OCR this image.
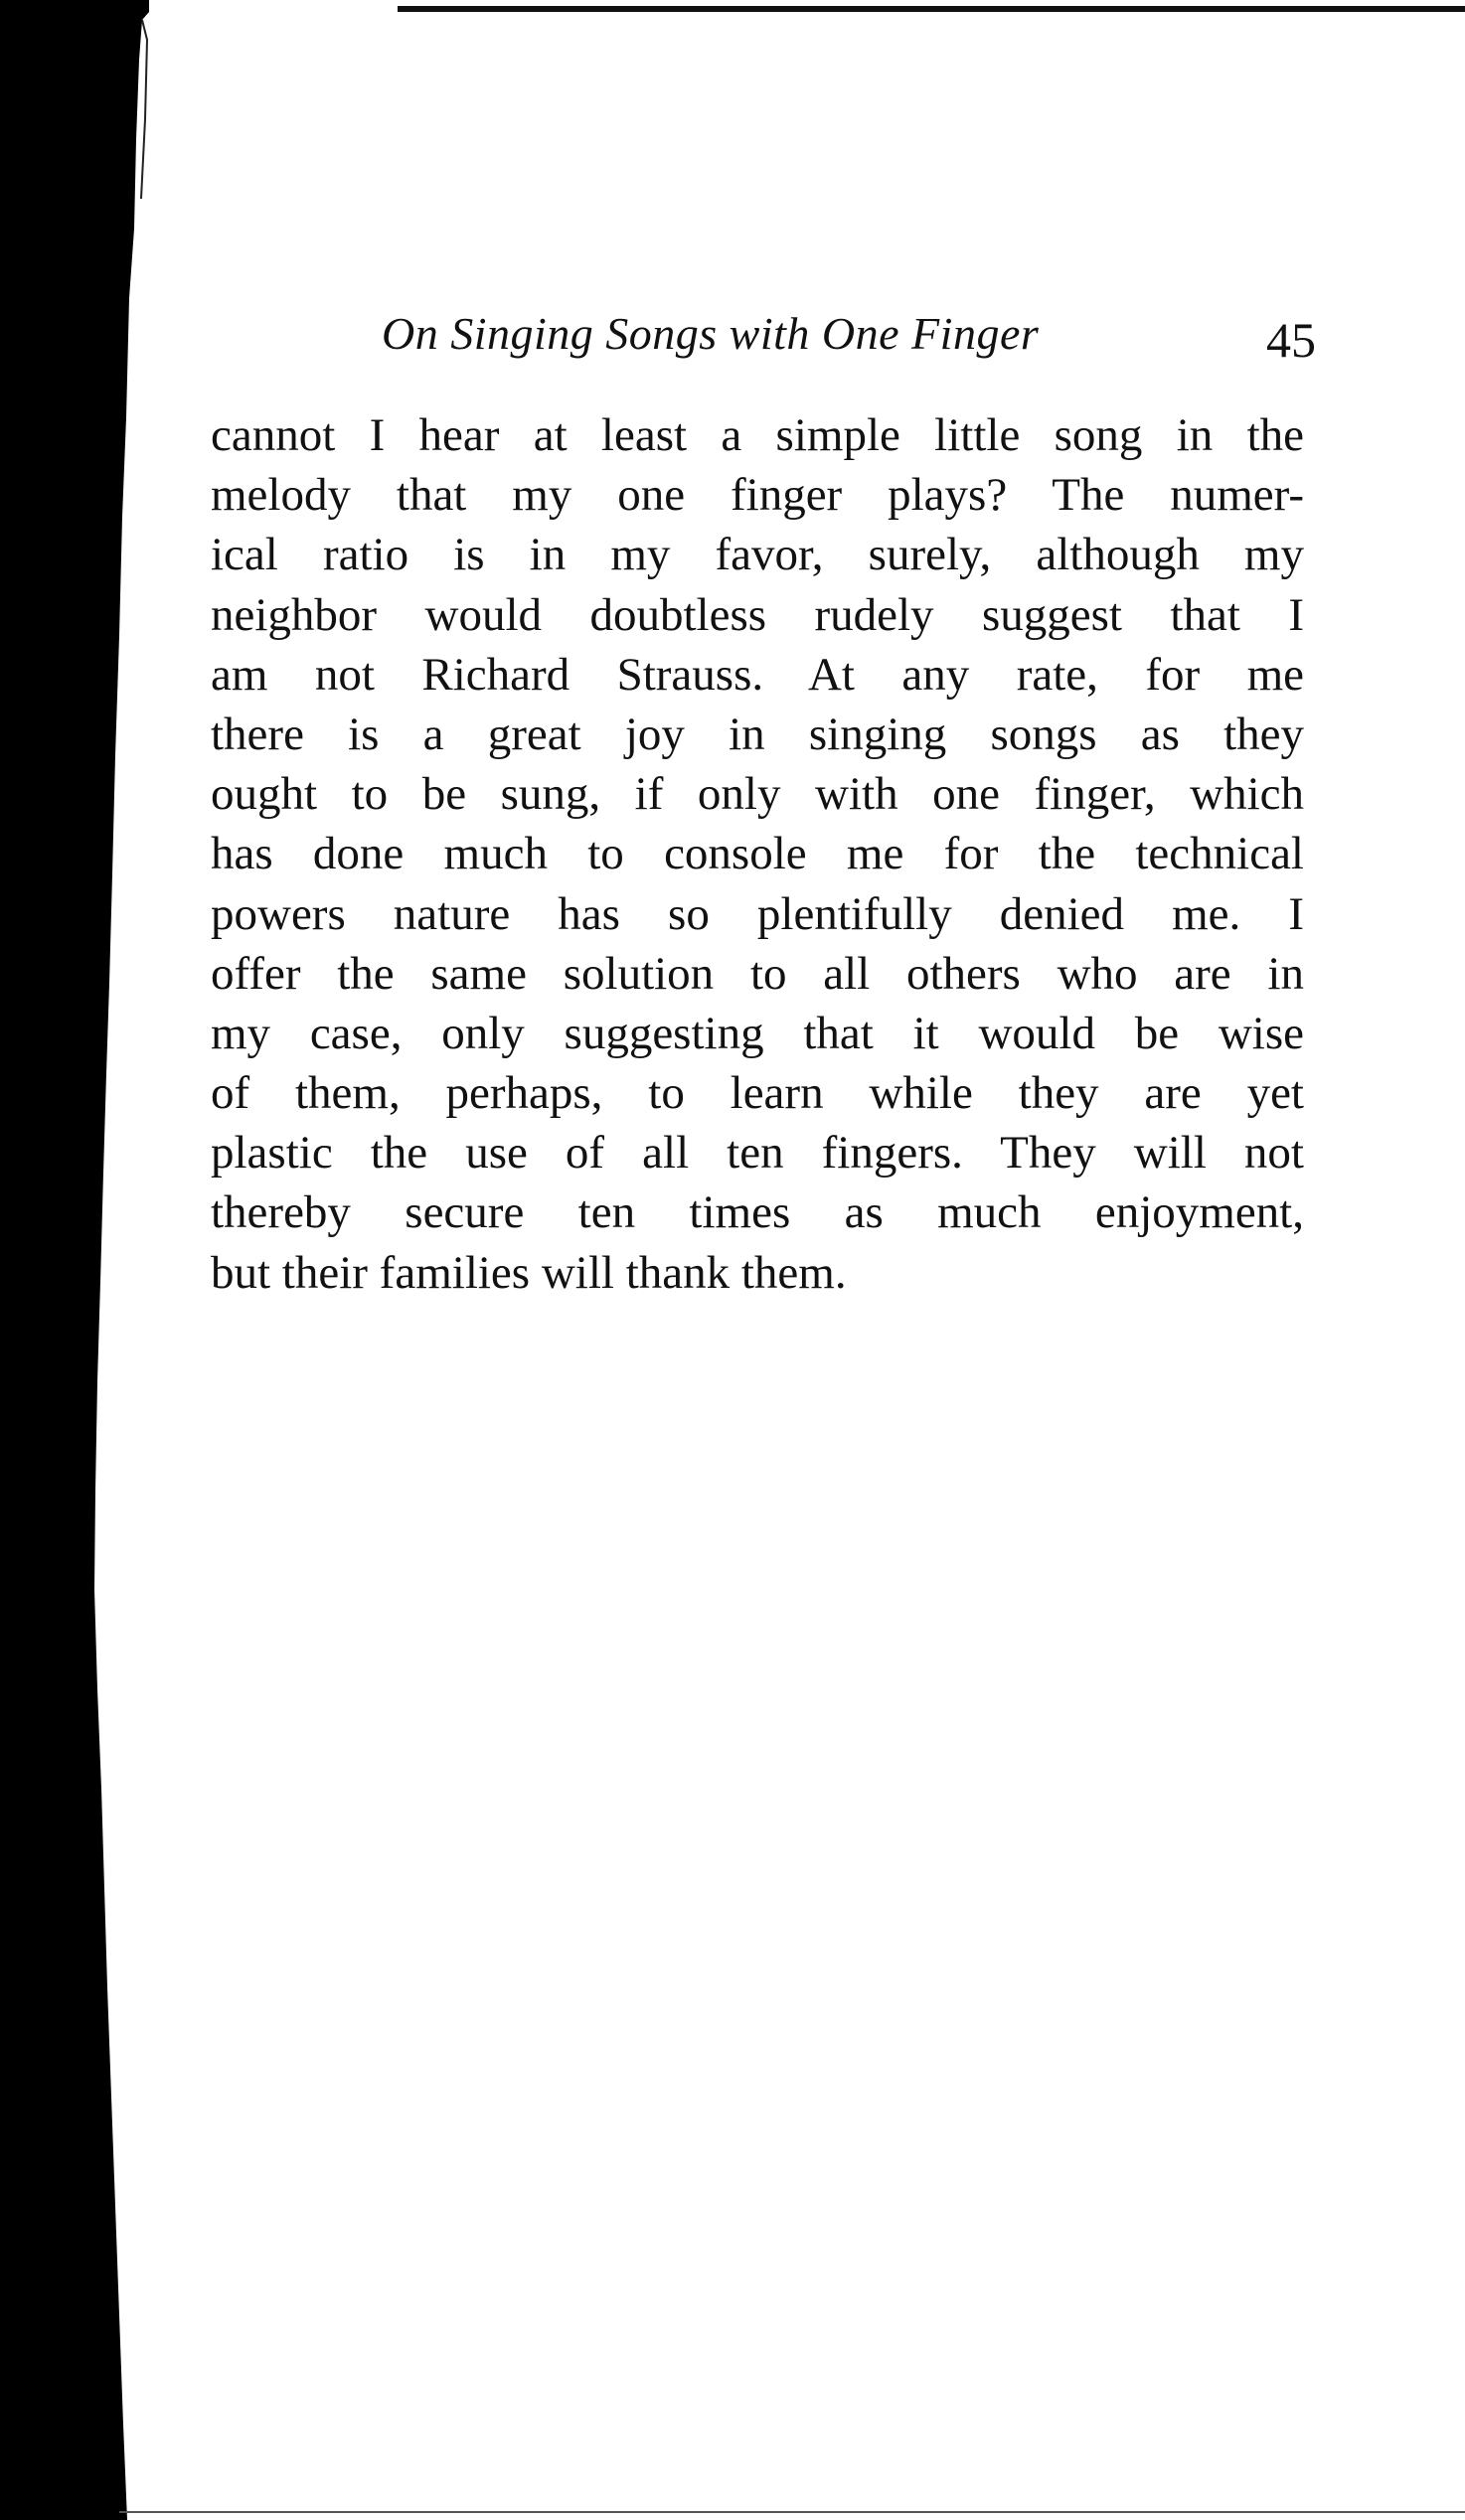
On Singing Songs with One Finger	45
cannot I hear at least a simple little song in the
melody that my one finger plays? The numer-
ical ratio is in my favor, surely, although my
neighbor would doubtless rudely suggest that I
am not Richard Strauss. At any rate, for me
there is a great joy in singing songs as they
ought to be sung, if only with one finger, which
has done much to console me for the technical
powers nature has so plentifully denied me. I
offer the same solution to all others who are in
my case, only suggesting that it would be wise
of them, perhaps, to learn while they are yet
plastic the use of all ten fingers. They will not
thereby secure ten times as much enjoyment,
but their families will thank them.
